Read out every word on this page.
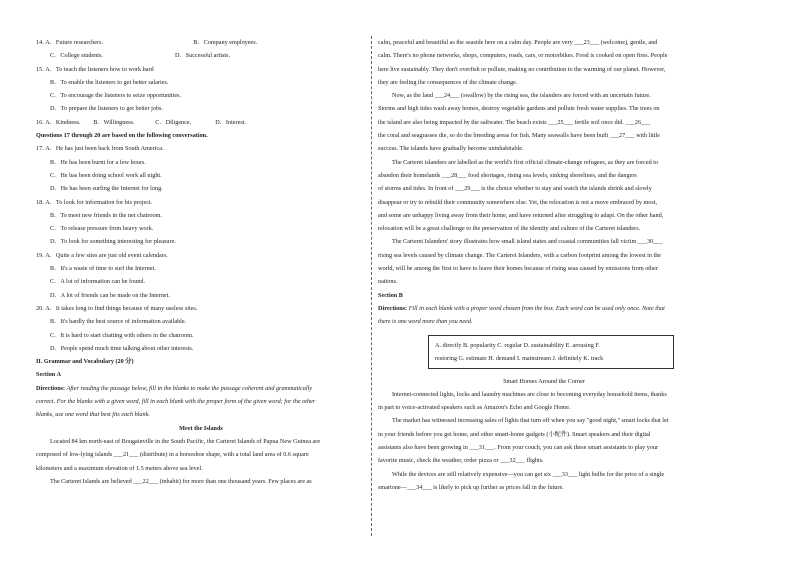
14. A．Future researchers.	B．Company employees.
C．College students.	D．Successful artists.
15. A．To teach the listeners how to work hard
B．To enable the listeners to get better salaries.
C．To encourage the listeners to seize opportunities.
D．To prepare the listeners to get better jobs.
16. A．Kindness. B．Willingness.	C．Diligence.	D．Interest.
Questions 17 through 20 are based on the following conversation.
17. A．He has just been back from South America.
B．He has been burnt for a few hours.
C．He has been doing school work all night.
D．He has been surfing the Internet for long.
18. A．To look for information for his project.
B．To meet new friends in the net chatroom.
C．To release pressure from heavy work.
D．To look for something interesting for pleasure.
19. A．Quite a few sites are just old event calendars.
B．It's a waste of time to surf the Internet.
C．A lot of information can be found.
D．A lot of friends can be made on the Internet.
20. A．It takes long to find things because of many useless sites.
B．It's hardly the best source of information available.
C．It is hard to start chatting with others in the chatroom.
D．People spend much time talking about other interests.
II. Grammar and Vocabulary (20 分)
Section A
Directions: After reading the passage below, fill in the blanks to make the passage coherent and grammatically
correct. For the blanks with a given word, fill in each blank with the proper form of the given word; for the other
blanks, use one word that best fits each blank.
Meet the Islands
Located 84 km north-east of Bougainville in the South Pacific, the Carteret Islands of Papua New Guinea are
composed of low-lying islands ___21___ (distribute) in a horseshoe shape, with a total land area of 0.6 square
kilometers and a maximum elevation of 1.5 meters above sea level.
The Carteret Islands are believed ___22___ (inhabit) for more than one thousand years. Few places are as
calm, peaceful and beautiful as the seaside here on a calm day. People are very ___23___ (welcome), gentle, and
calm. There's no phone networks, shops, computers, roads, cars, or motorbikes. Food is cooked on open fires. People
here live sustainably. They don't overfish or pollute, making no contribution to the warming of our planet. However,
they are feeling the consequences of the climate change.
Now, as the land ___24___ (swallow) by the rising sea, the islanders are forced with an uncertain future.
Storms and high tides wash away homes, destroy vegetable gardens and pollute fresh water supplies. The trees on
the island are also being impacted by the saltwater. The beach exists ___25___ fertile soil once did. ___26___
the coral and seagrasses die, so do the breeding areas for fish. Many seawalls have been built ___27___ with little
success. The islands have gradually become uninhabitable.
The Carteret islanders are labelled as the world's first official climate-change refugees, as they are forced to
abandon their homelands ___28___ food shortages, rising sea levels, sinking shorelines, and the dangers
of storms and tides. In front of ___29___ is the choice whether to stay and watch the islands shrink and slowly
disappear or try to rebuild their community somewhere else. Yet, the relocation is not a move embraced by most,
and some are unhappy living away from their home, and have returned after struggling to adapt. On the other hand,
relocation will be a great challenge to the preservation of the identity and culture of the Carteret islanders.
The Carteret Islanders' story illustrates how small island states and coastal communities fall victim ___30___
rising sea levels caused by climate change. The Carteret Islanders, with a carbon footprint among the lowest in the
world, will be among the first to have to leave their homes because of rising seas caused by emissions from other
nations.
Section B
Directions: Fill in each blank with a proper word chosen from the box. Each word can be used only once. Note that
there is one word more than you need.
A. directly B. popularity C. regular D. sustainability E. arousing F.
restoring G. estimate H. demand I. mainstream J. definitely K. track
Smart Homes Around the Corner
Internet-connected lights, locks and laundry machines are close to becoming everyday household items, thanks
in part to voice-activated speakers such as Amazon's Echo and Google Home.
The market has witnessed increasing sales of lights that turn off when you say "good night," smart locks that let
in your friends before you get home, and other smart-home gadgets (小配件). Smart speakers and their digital
assistants also have been growing in ___31___. From your couch, you can ask these smart assistants to play your
favorite music, check the weather, order pizza or ___32___ flights.
While the devices are still relatively expensive—you can get six ___33___ light bulbs for the price of a single
smartone—___34___ is likely to pick up further as prices fall in the future.
